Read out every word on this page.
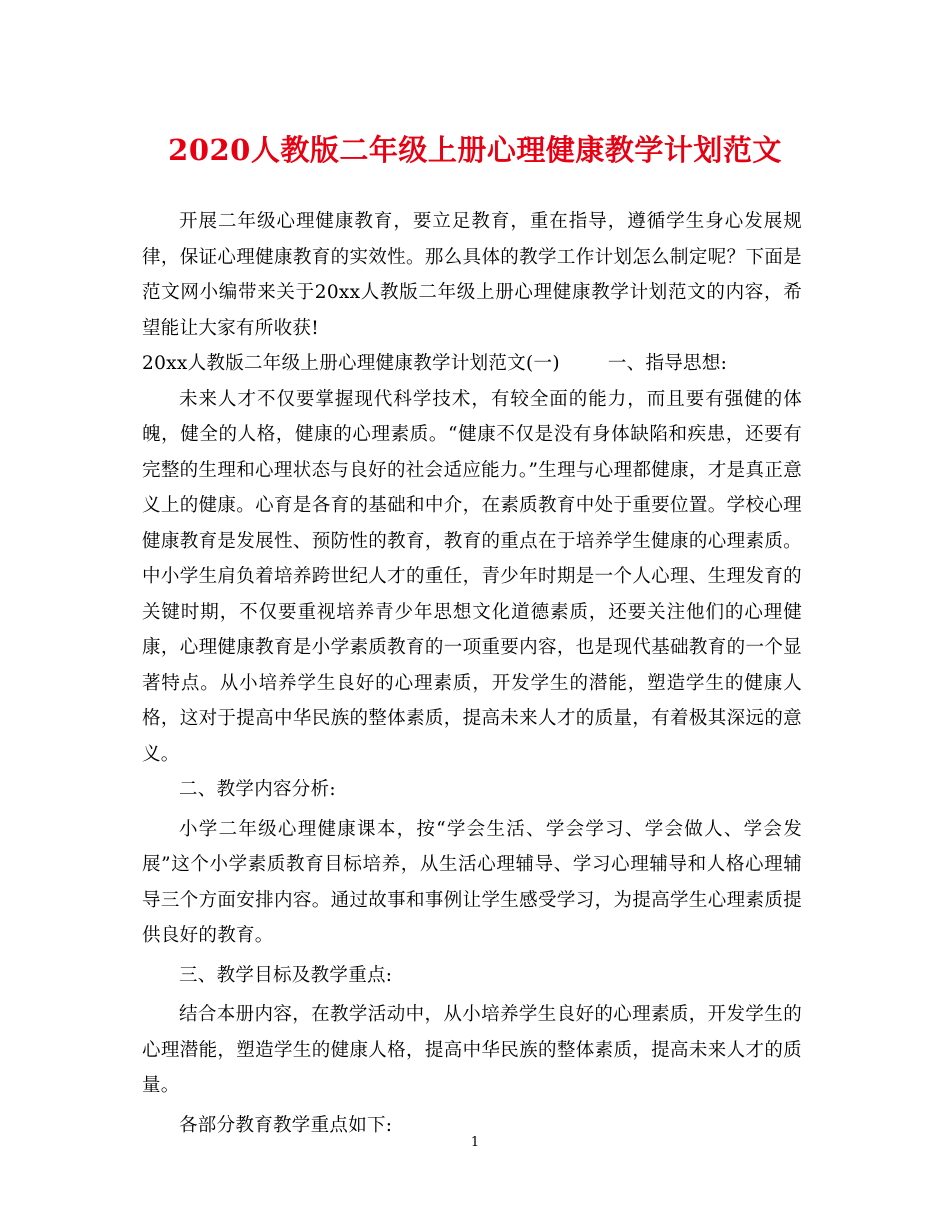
2020人教版二年级上册心理健康教学计划范文

开展二年级心理健康教育，要立足教育，重在指导，遵循学生身心发展规律，保证心理健康教育的实效性。那么具体的教学工作计划怎么制定呢？下面是范文网小编带来关于20xx人教版二年级上册心理健康教学计划范文的内容，希望能让大家有所收获!

20xx人教版二年级上册心理健康教学计划范文(一)	一、指导思想:

未来人才不仅要掌握现代科学技术，有较全面的能力，而且要有强健的体魄，健全的人格，健康的心理素质。“健康不仅是没有身体缺陷和疾患，还要有完整的生理和心理状态与良好的社会适应能力。”生理与心理都健康，才是真正意义上的健康。心育是各育的基础和中介，在素质教育中处于重要位置。学校心理健康教育是发展性、预防性的教育，教育的重点在于培养学生健康的心理素质。中小学生肩负着培养跨世纪人才的重任，青少年时期是一个人心理、生理发育的关键时期，不仅要重视培养青少年思想文化道德素质，还要关注他们的心理健康，心理健康教育是小学素质教育的一项重要内容，也是现代基础教育的一个显著特点。从小培养学生良好的心理素质，开发学生的潜能，塑造学生的健康人格，这对于提高中华民族的整体素质，提高未来人才的质量，有着极其深远的意义。

二、教学内容分析:

小学二年级心理健康课本，按“学会生活、学会学习、学会做人、学会发展”这个小学素质教育目标培养，从生活心理辅导、学习心理辅导和人格心理辅导三个方面安排内容。通过故事和事例让学生感受学习，为提高学生心理素质提供良好的教育。

三、教学目标及教学重点:

结合本册内容，在教学活动中，从小培养学生良好的心理素质，开发学生的心理潜能，塑造学生的健康人格，提高中华民族的整体素质，提高未来人才的质量。

各部分教育教学重点如下:

1
